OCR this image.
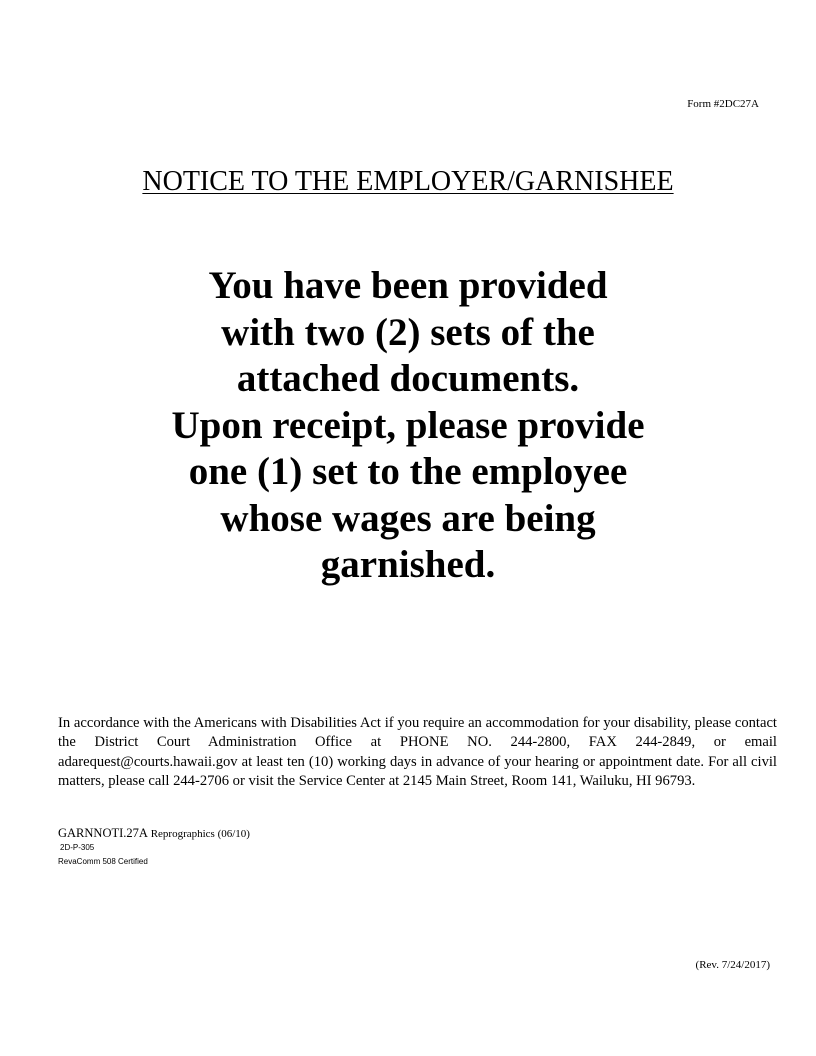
Form #2DC27A
NOTICE TO THE EMPLOYER/GARNISHEE
You have been provided
with two (2) sets of the
attached documents.
Upon receipt, please provide
one (1) set to the employee
whose wages are being
garnished.

In accordance with the Americans with Disabilities Act if you require an accommodation for your disability, please contact the District Court Administration Office at PHONE NO. 244-2800, FAX 244-2849, or email adarequest@courts.hawaii.gov at least ten (10) working days in advance of your hearing or appointment date. For all civil matters, please call 244-2706 or visit the Service Center at 2145 Main Street, Room 141, Wailuku, HI 96793.

GARNNOTI.27A Reprographics (06/10)
2D-P-305
RevaComm 508 Certified
(Rev. 7/24/2017)
